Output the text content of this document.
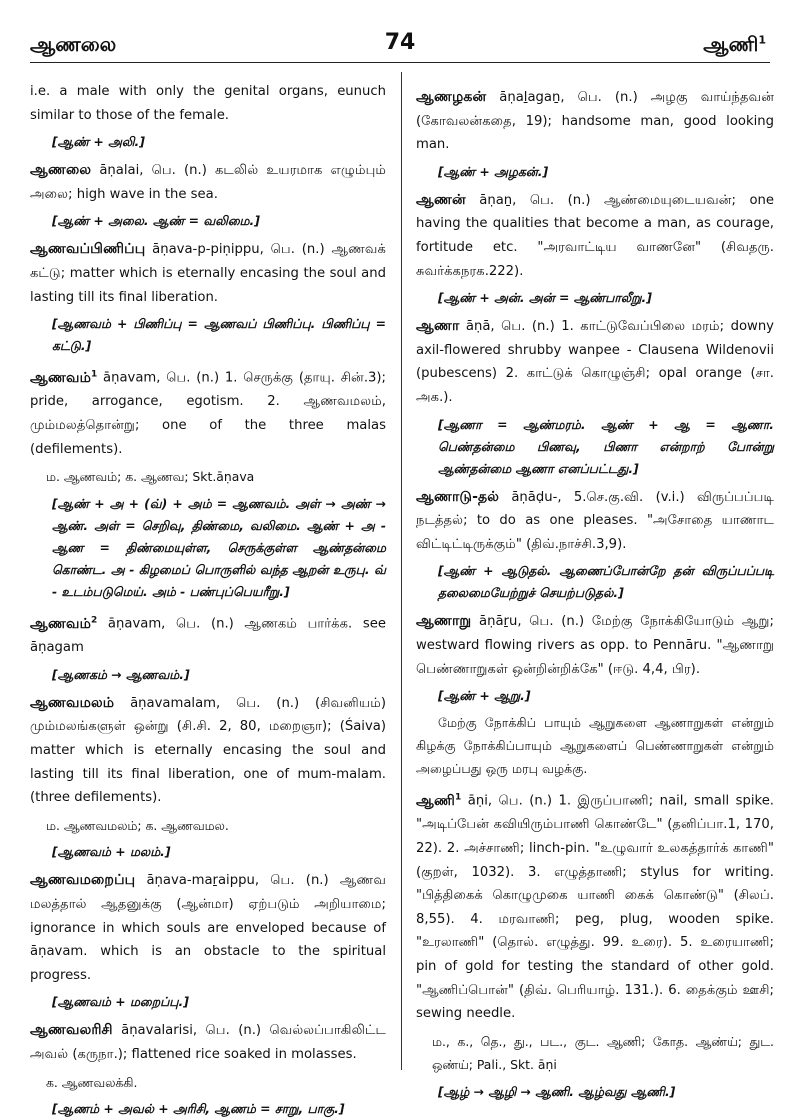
ஆணலை	74	ஆணி$^1$

i.e. a male with only the genital organs, eunuch similar to those of the female.

[ஆண் + அலி.]

ஆணலை āṇalai, பெ. (n.) கடலில் உயரமாக எழும்பும் அலை; high wave in the sea.

[ஆண் + அலை. ஆண் = வலிமை.]

ஆணவப்பிணிப்பு āṇava-p-piṇippu, பெ. (n.) ஆணவக் கட்டு; matter which is eternally encasing the soul and lasting till its final liberation.

[ஆணவம் + பிணிப்பு = ஆணவப் பிணிப்பு. பிணிப்பு = கட்டு.]

ஆணவம்$^1$ āṇavam, பெ. (n.) 1. செருக்கு (தாயு. சின்.3); pride, arrogance, egotism. 2. ஆணவமலம், மும்மலத்தொன்று; one of the three malas (defilements).

ம. ஆணவம்; க. ஆணவ; Skt.āṇava

[ஆண் + அ + (வ்) + அம் = ஆணவம். அள் → அண் → ஆண். அள் = செறிவு, திண்மை, வலிமை. ஆண் + அ - ஆண = திண்மையுள்ள, செருக்குள்ள ஆண்தன்மை கொண்ட. அ - கிழமைப் பொருளில் வந்த ஆறன் உருபு. வ் - உடம்படுமெய். அம் - பண்புப்பெயரீறு.]

ஆணவம்$^2$ āṇavam, பெ. (n.) ஆணகம் பார்க்க. see āṇagam

[ஆணகம் → ஆணவம்.]

ஆணவமலம் āṇavamalam, பெ. (n.) (சிவனியம்) மும்மலங்களுள் ஒன்று (சி.சி. 2, 80, மறைஞா); (Śaiva) matter which is eternally encasing the soul and lasting till its final liberation, one of mum-malam. (three defilements).

ம. ஆணவமலம்; க. ஆணவமல.

[ஆணவம் + மலம்.]

ஆணவமறைப்பு āṇava-maṟaippu, பெ. (n.) ஆணவ மலத்தால் ஆதனுக்கு (ஆன்மா) ஏற்படும் அறியாமை; ignorance in which souls are enveloped because of āṇavam. which is an obstacle to the spiritual progress.

[ஆணவம் + மறைப்பு.]

ஆணவலரிசி āṇavalarisi, பெ. (n.) வெல்லப்பாகிலிட்ட அவல் (கருநா.); flattened rice soaked in molasses.

க. ஆணவலக்கி.

[ஆணம் + அவல் + அரிசி, ஆணம் = சாறு, பாகு.]

ஆணழகன் āṇaḻagaṉ, பெ. (n.) அழகு வாய்ந்தவன் (கோவலன்கதை, 19); handsome man, good looking man.

[ஆண் + அழகன்.]

ஆணன் āṇaṉ, பெ. (n.) ஆண்மையுடையவன்; one having the qualities that become a man, as courage, fortitude etc. "அரவாட்டிய வாணனே" (சிவதரு. சுவர்க்கநரக.222).

[ஆண் + அன். அன் = ஆண்பாலீறு.]

ஆணா āṇā, பெ. (n.) 1. காட்டுவேப்பிலை மரம்; downy axil-flowered shrubby wanpee - Clausena Wildenovii (pubescens) 2. காட்டுக் கொழுஞ்சி; opal orange (சா. அக.).

[ஆணா = ஆண்மரம். ஆண் + ஆ = ஆணா. பெண்தன்மை பிணவு, பிணா என்றாற் போன்று ஆண்தன்மை ஆணா எனப்பட்டது.]

ஆணாடு-தல் āṇāḍu-, 5.செ.கு.வி. (v.i.) விருப்பப்படி நடத்தல்; to do as one pleases. "அசோதை யாணாட விட்டிட்டிருக்கும்" (திவ்.நாச்சி.3,9).

[ஆண் + ஆடுதல். ஆணைப்போன்றே தன் விருப்பப்படி தலைமையேற்றுச் செயற்படுதல்.]

ஆணாறு āṇāṟu, பெ. (n.) மேற்கு நோக்கியோடும் ஆறு; westward flowing rivers as opp. to Pennāru. "ஆணாறு பெண்ணாறுகள் ஒன்றின்றிக்கே" (ஈடு. 4,4, பிர).

[ஆண் + ஆறு.]

மேற்கு நோக்கிப் பாயும் ஆறுகளை ஆணாறுகள் என்றும் கிழக்கு நோக்கிப்பாயும் ஆறுகளைப் பெண்ணாறுகள் என்றும் அழைப்பது ஒரு மரபு வழக்கு.

ஆணி$^1$ āṇi, பெ. (n.) 1. இருப்பாணி; nail, small spike. "அடிப்பேன் கவியிரும்பாணி கொண்டே" (தனிப்பா.1, 170, 22). 2. அச்சாணி; linch-pin. "உழுவார் உலகத்தார்க் காணி" (குறள், 1032). 3. எழுத்தாணி; stylus for writing. "பித்திகைக் கொழுமுகை யாணி கைக் கொண்டு" (சிலப். 8,55). 4. மரவாணி; peg, plug, wooden spike. "உரலாணி" (தொல். எழுத்து. 99. உரை). 5. உரையாணி; pin of gold for testing the standard of other gold. "ஆணிப்பொன்" (திவ். பெரியாழ். 131.). 6. தைக்கும் ஊசி; sewing needle.

ம., க., தெ., து., பட., குட. ஆணி; கோத. ஆண்ய்; துட. ஒண்ய்; Pali., Skt. āṇi

[ஆழ் → ஆழி → ஆணி. ஆழ்வது ஆணி.]
